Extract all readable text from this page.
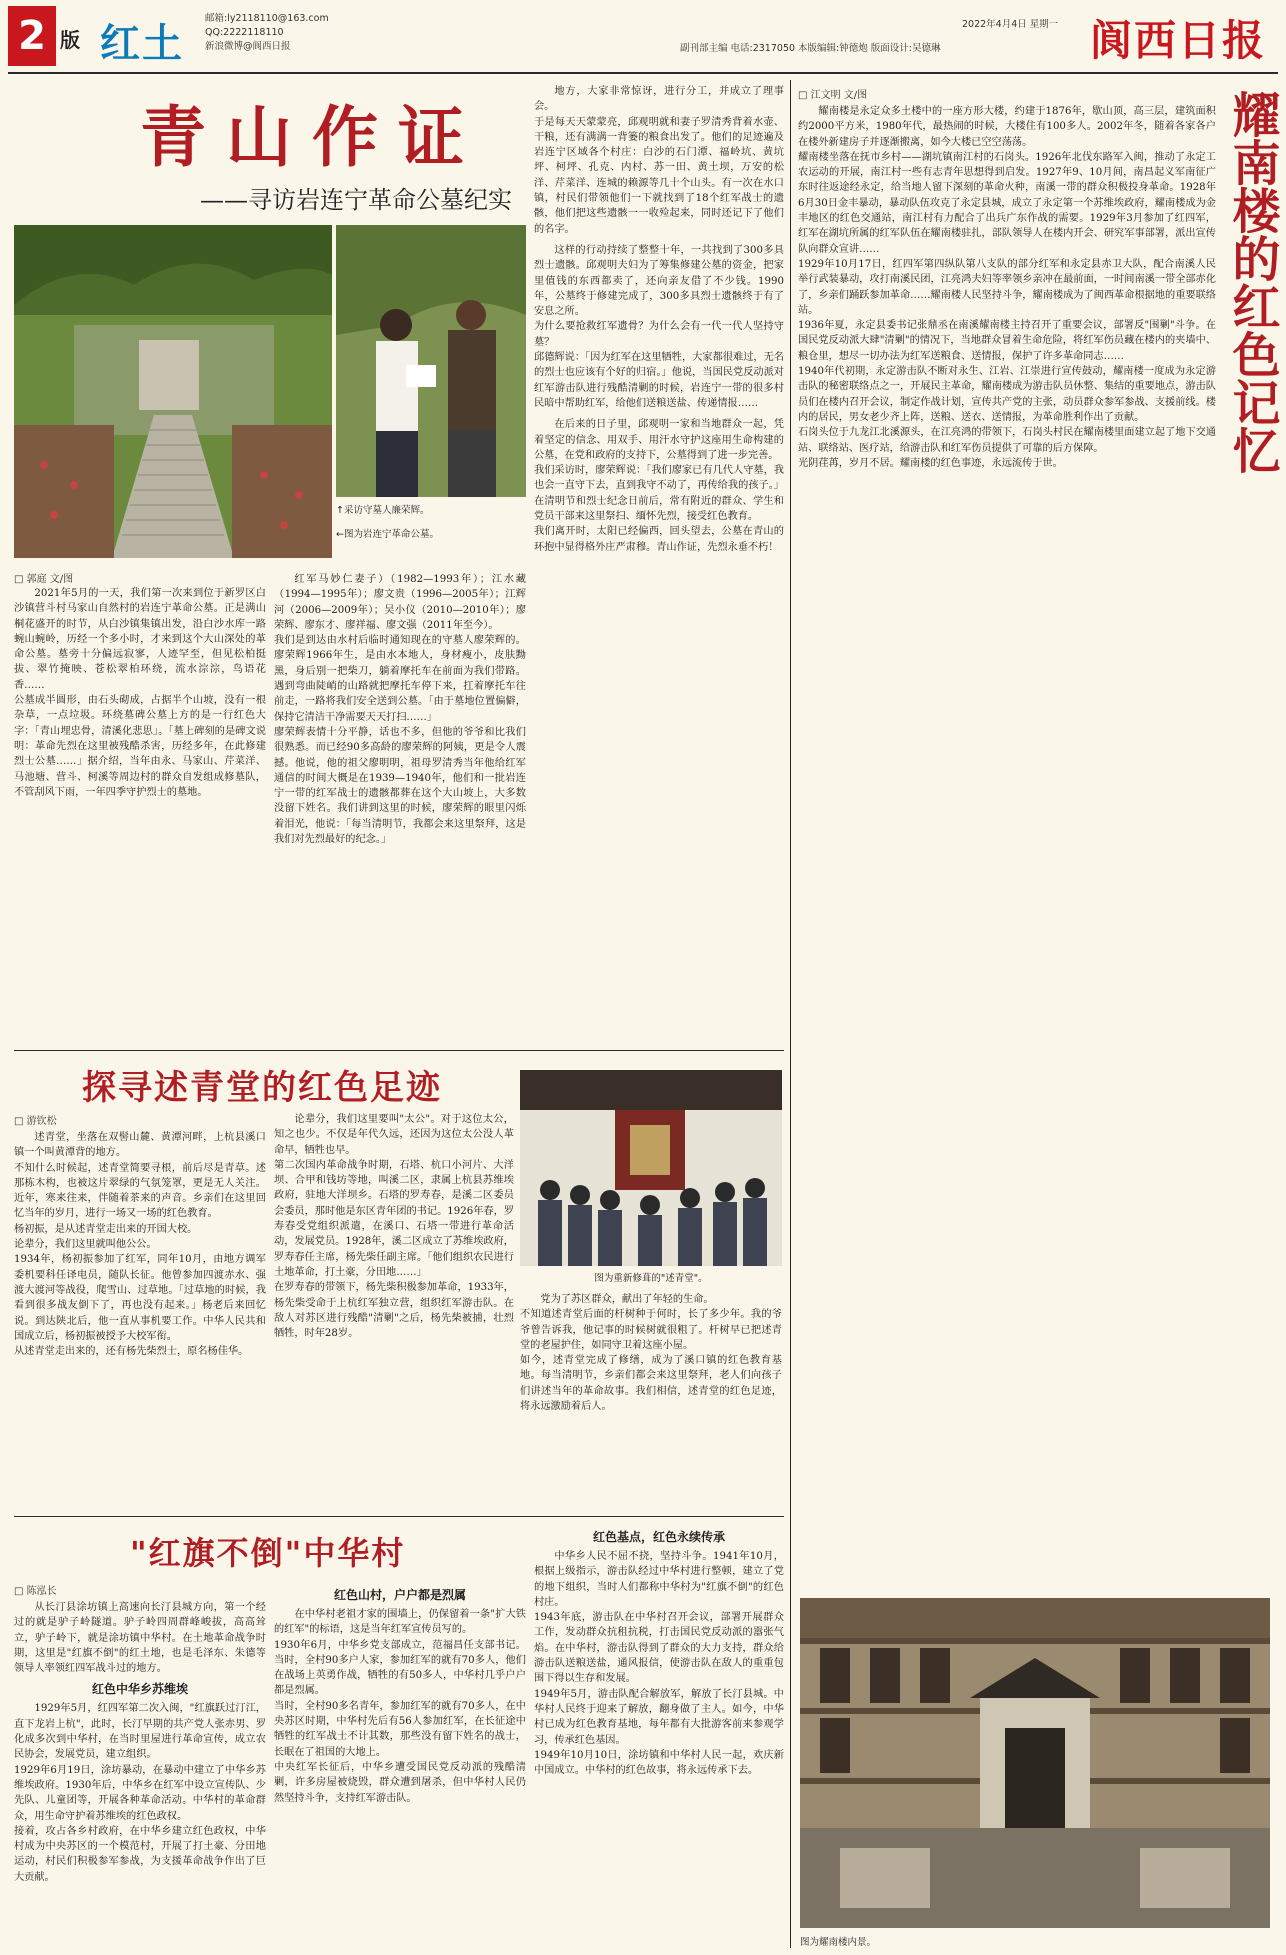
2 版 红土
邮箱:ly2118110@163.com
QQ:2222118110
新浪微博@阆西日报
2022年4月4日 星期一
副刊部主编 电话:2317050 本版编辑:钟德炮 版面设计:吴德琳	阆西日报
青山作证
——寻访岩连宁革命公墓纪实
↑采访守墓人廉荣辉。
←图为岩连宁革命公墓。
□ 郭庭 文/图

2021年5月的一天，我们第一次来到位于新罗区白沙镇营斗村马家山自然村的岩连宁革命公墓。正是满山桐花盛开的时节，从白沙镇集镇出发，沿白沙水库一路蜿山蜿岭，历经一个多小时，才来到这个大山深处的革命公墓。墓旁十分偏远寂寥，人迹罕至，但见松柏挺拔、翠竹掩映、苍松翠柏环绕，流水淙淙，鸟语花香……
公墓成半圆形，由石头砌成，占据半个山坡，没有一根杂草，一点垃圾。环绕墓碑公墓上方的是一行红色大字：「青山埋忠骨，清溪化悲思」。「墓上碑刻的是碑文说明：革命先烈在这里被残酷杀害，历经多年，在此修建烈士公墓……」据介绍，当年由永、马家山、芹菜洋、马池塘、营斗、柯溪等周边村的群众自发组成修墓队，不管刮风下雨，一年四季守护烈士的墓地。

红军马妙仁妻子）（1982—1993年）；江水藏（1994—1995年）；廖文贵（1996—2005年）；江辉河（2006—2009年）；吴小仪（2010—2010年）；廖荣辉、廖东才、廖祥福、廖文强（2011年至今）。
我们是到达由水村后临时通知现在的守墓人廖荣辉的。廖荣辉1966年生，是由水本地人，身材瘦小，皮肤黝黑，身后别一把柴刀，躺着摩托车在前面为我们带路。遇到弯曲陡峭的山路就把摩托车停下来，扛着摩托车往前走，一路将我们安全送到公墓。「由于墓地位置偏僻，保持它清洁干净需要天天打扫……」
廖荣辉表情十分平静，话也不多，但他的爷爷和比我们很熟悉。而已经90多高龄的廖荣辉的阿姨，更是令人震撼。他说，他的祖父廖明明，祖母罗清秀当年他给红军通信的时间大概是在1939—1940年，他们和一批岩连宁一带的红军战士的遗骸都葬在这个大山坡上，大多数没留下姓名。我们讲到这里的时候，廖荣辉的眼里闪烁着泪光，他说：「每当清明节，我都会来这里祭拜，这是我们对先烈最好的纪念。」

地方，大家非常惊讶，进行分工，并成立了理事会。
于是每天天蒙蒙亮，邱观明就和妻子罗清秀背着水壶、干粮，还有满满一背篓的粮食出发了。他们的足迹遍及岩连宁区域各个村庄：白沙的石门潭、福岭坑、黄坑坪、柯坪、孔克、内村、苏一田、黄土坝，万安的松洋、芹菜洋、连城的赖源等几十个山头。有一次在水口镇，村民们带领他们一下就找到了18个红军战士的遗骸，他们把这些遗骸一一收殓起来，同时还记下了他们的名字。

这样的行动持续了整整十年，一共找到了300多具烈士遗骸。邱观明夫妇为了筹集修建公墓的资金，把家里值钱的东西都卖了，还向亲友借了不少钱。1990年，公墓终于修建完成了，300多具烈士遗骸终于有了安息之所。
为什么要抢救红军遗骨？为什么会有一代一代人坚持守墓？
邱德辉说：「因为红军在这里牺牲，大家都很难过，无名的烈士也应该有个好的归宿。」他说，当国民党反动派对红军游击队进行残酷清剿的时候，岩连宁一带的很多村民暗中帮助红军，给他们送粮送盐、传递情报……

在后来的日子里，邱观明一家和当地群众一起，凭着坚定的信念、用双手、用汗水守护这座用生命构建的公墓，在党和政府的支持下，公墓得到了进一步完善。
我们采访时，廖荣辉说：「我们廖家已有几代人守墓，我也会一直守下去，直到我守不动了，再传给我的孩子。」在清明节和烈士纪念日前后，常有附近的群众、学生和党员干部来这里祭扫、缅怀先烈，接受红色教育。
我们离开时，太阳已经偏西，回头望去，公墓在青山的环抱中显得格外庄严肃穆。青山作证，先烈永垂不朽！

□ 江文明 文/图	耀南楼的红色记忆

耀南楼是永定众多土楼中的一座方形大楼，约建于1876年，歇山顶，高三层，建筑面积约2000平方米，1980年代，最热闹的时候，大楼住有100多人。2002年冬，随着各家各户在楼外新建房子并逐渐搬离，如今大楼已空空荡荡。
耀南楼坐落在抚市乡村——湖坑镇南江村的石岗头。1926年北伐东路军入闽，推动了永定工农运动的开展，南江村一些有志青年思想得到启发。1927年9、10月间，南昌起义军南征广东时往返途经永定，给当地人留下深刻的革命火种，南溪一带的群众积极投身革命。1928年6月30日金丰暴动，暴动队伍攻克了永定县城，成立了永定第一个苏维埃政府，耀南楼成为金丰地区的红色交通站，南江村有力配合了出兵广东作战的需要。1929年3月参加了红四军，红军在湖坑所属的红军队伍在耀南楼驻扎，部队领导人在楼内开会、研究军事部署，派出宣传队向群众宣讲……
1929年10月17日，红四军第四纵队第八支队的部分红军和永定县赤卫大队，配合南溪人民举行武装暴动，攻打南溪民团，江亮鸿夫妇等率领乡亲冲在最前面，一时间南溪一带全部赤化了，乡亲们踊跃参加革命……耀南楼人民坚持斗争，耀南楼成为了闽西革命根据地的重要联络站。
1936年夏，永定县委书记张鼎丞在南溪耀南楼主持召开了重要会议，部署反"围剿"斗争。在国民党反动派大肆"清剿"的情况下，当地群众冒着生命危险，将红军伤员藏在楼内的夹墙中、粮仓里，想尽一切办法为红军送粮食、送情报，保护了许多革命同志……
1940年代初期，永定游击队不断对永生、江岩、江崇进行宣传鼓动，耀南楼一度成为永定游击队的秘密联络点之一，开展民主革命，耀南楼成为游击队员休整、集结的重要地点，游击队员们在楼内召开会议，制定作战计划，宣传共产党的主张，动员群众参军参战、支援前线。楼内的居民，男女老少齐上阵，送粮、送衣、送情报，为革命胜利作出了贡献。
石岗头位于九龙江北溪源头，在江亮鸿的带领下，石岗头村民在耀南楼里面建立起了地下交通站、联络站、医疗站，给游击队和红军伤员提供了可靠的后方保障。
光阴荏苒，岁月不居。耀南楼的红色事迹，永远流传于世。

图为耀南楼内景。
探寻述青堂的红色足迹
图为重新修葺的"述青堂"。
□ 游钦松

述青堂，坐落在双髻山麓、黄潭河畔，上杭县溪口镇一个叫黄潭背的地方。
不知什么时候起，述青堂简要寻根，前后尽是青草。述那栋木构，也被这片翠绿的气氛笼罩，更是无人关注。近年，寒来往来，伴随着茶来的声音。乡亲们在这里回忆当年的岁月，进行一场又一场的红色教育。
杨初振，是从述青堂走出来的开国大校。
论辈分，我们这里就叫他公公。
1934年，杨初振参加了红军，同年10月，由地方调军委机要科任译电员，随队长征。他曾参加四渡赤水、强渡大渡河等战役，爬雪山、过草地。「过草地的时候，我看到很多战友倒下了，再也没有起来。」杨老后来回忆说。到达陕北后，他一直从事机要工作。中华人民共和国成立后，杨初振被授予大校军衔。
从述青堂走出来的，还有杨先柴烈士，原名杨佳华。

论辈分，我们这里要叫"太公"。对于这位太公，知之也少。不仅是年代久远，还因为这位太公没人革命早，牺牲也早。
第二次国内革命战争时期，石塔、杭口小河片、大洋坝、合甲和钱坊等地，叫溪二区，隶属上杭县苏维埃政府，驻地大洋坝乡。石塔的罗寿春，是溪二区委员会委员，那时他是东区青年团的书记。1926年春，罗寿春受党组织派遣，在溪口、石塔一带进行革命活动，发展党员。1928年，溪二区成立了苏维埃政府，罗寿春任主席，杨先柴任副主席。「他们组织农民进行土地革命，打土豪，分田地……」
在罗寿春的带领下，杨先柴积极参加革命，1933年，杨先柴受命于上杭红军独立营，组织红军游击队。在敌人对苏区进行残酷"清剿"之后，杨先柴被捕，壮烈牺牲，时年28岁。

党为了苏区群众，献出了年轻的生命。
不知道述青堂后面的杆树种于何时，长了多少年。我的爷爷曾告诉我，他记事的时候树就很粗了。杆树早已把述青堂的老屋护住，如同守卫着这座小屋。
如今，述青堂完成了修缮，成为了溪口镇的红色教育基地。每当清明节，乡亲们都会来这里祭拜，老人们向孩子们讲述当年的革命故事。我们相信，述青堂的红色足迹，将永远激励着后人。

"红旗不倒"中华村
□ 陈泓长

从长汀县涂坊镇上高速向长汀县城方向，第一个经过的就是驴子岭隧道。驴子岭四周群峰峻拔，高高耸立，驴子岭下，就是涂坊镇中华村。在土地革命战争时期，这里是"红旗不倒"的红土地，也是毛泽东、朱德等领导人率领红四军战斗过的地方。

红色中华乡苏维埃

1929年5月，红四军第二次入闽，"红旗跃过汀江，直下龙岩上杭"，此时，长汀早期的共产党人张赤男、罗化成多次到中华村，在当时里屋进行革命宣传，成立农民协会，发展党员，建立组织。
1929年6月19日，涂坊暴动，在暴动中建立了中华乡苏维埃政府。1930年后，中华乡在红军中设立宣传队、少先队、儿童团等，开展各种革命活动。中华村的革命群众，用生命守护着苏维埃的红色政权。
接着，攻占各乡村政府，在中华乡建立红色政权，中华村成为中央苏区的一个模范村，开展了打土豪、分田地运动，村民们积极参军参战，为支援革命战争作出了巨大贡献。

红色山村，户户都是烈属

在中华村老祖才家的围墙上，仍保留着一条"扩大铁的红军"的标语，这是当年红军宣传员写的。
1930年6月，中华乡党支部成立，范福昌任支部书记。当时，全村90多户人家，参加红军的就有70多人，他们在战场上英勇作战，牺牲的有50多人，中华村几乎户户都是烈属。
当时，全村90多名青年，参加红军的就有70多人，在中央苏区时期，中华村先后有56人参加红军，在长征途中牺牲的红军战士不计其数，那些没有留下姓名的战士，长眠在了祖国的大地上。
中央红军长征后，中华乡遭受国民党反动派的残酷清剿，许多房屋被烧毁，群众遭到屠杀，但中华村人民仍然坚持斗争，支持红军游击队。

红色基点，红色永续传承

中华乡人民不屈不挠，坚持斗争。1941年10月，根据上级指示，游击队经过中华村进行整顿，建立了党的地下组织，当时人们都称中华村为"红旗不倒"的红色村庄。
1943年底，游击队在中华村召开会议，部署开展群众工作，发动群众抗租抗税，打击国民党反动派的嚣张气焰。在中华村，游击队得到了群众的大力支持，群众给游击队送粮送盐，通风报信，使游击队在敌人的重重包围下得以生存和发展。
1949年5月，游击队配合解放军，解放了长汀县城。中华村人民终于迎来了解放，翻身做了主人。如今，中华村已成为红色教育基地，每年都有大批游客前来参观学习，传承红色基因。
1949年10月10日，涂坊镇和中华村人民一起，欢庆新中国成立。中华村的红色故事，将永远传承下去。
